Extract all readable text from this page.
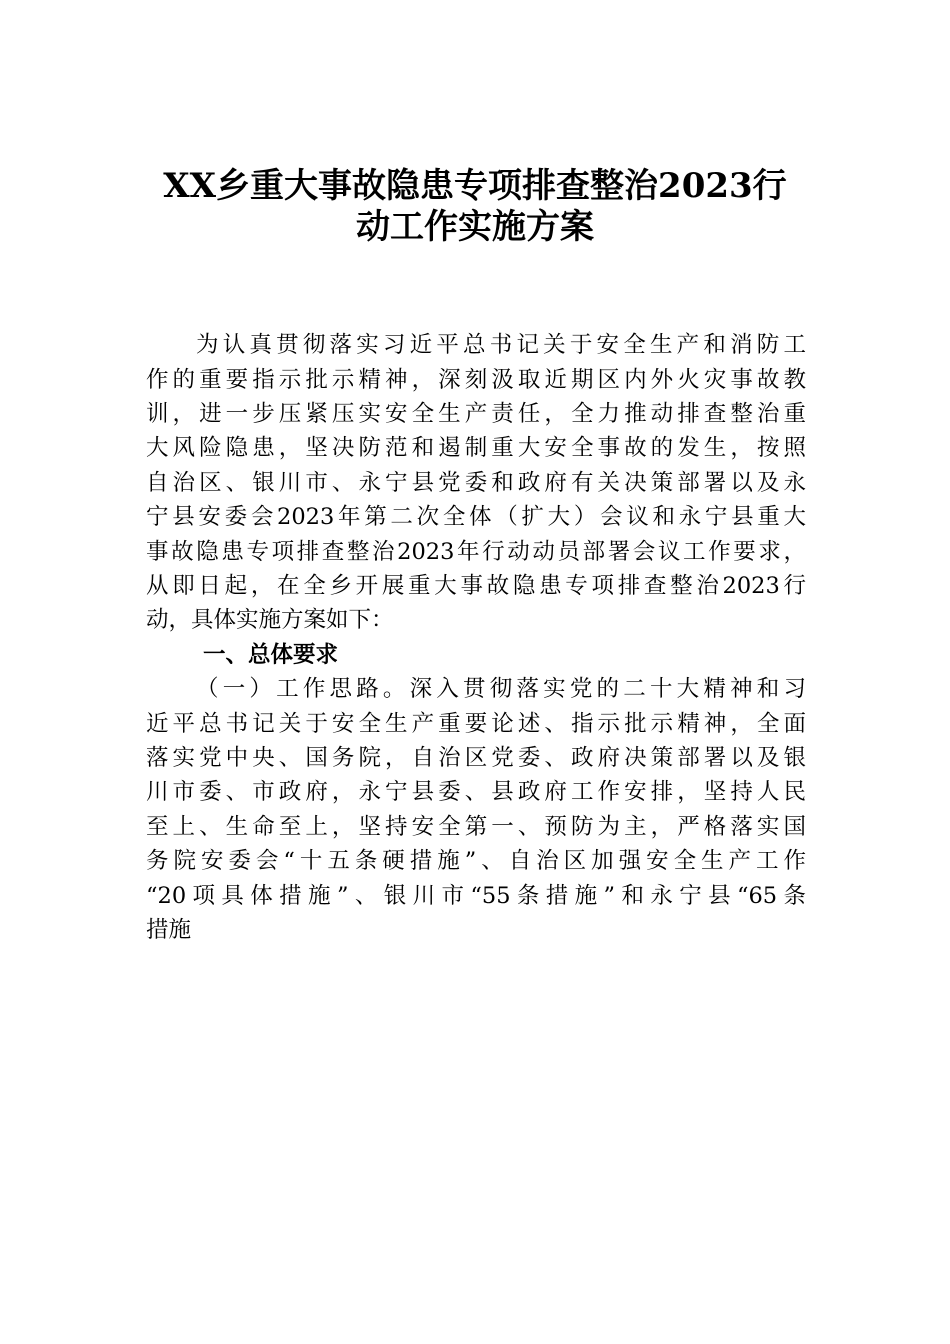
XX乡重大事故隐患专项排查整治2023行
动工作实施方案
为认真贯彻落实习近平总书记关于安全生产和消防工
作的重要指示批示精神，深刻汲取近期区内外火灾事故教
训，进一步压紧压实安全生产责任，全力推动排查整治重
大风险隐患，坚决防范和遏制重大安全事故的发生，按照
自治区、银川市、永宁县党委和政府有关决策部署以及永
宁县安委会2023年第二次全体（扩大）会议和永宁县重大
事故隐患专项排查整治2023年行动动员部署会议工作要求，
从即日起，在全乡开展重大事故隐患专项排查整治2023行
动，具体实施方案如下：
一、总体要求
（一）工作思路。深入贯彻落实党的二十大精神和习
近平总书记关于安全生产重要论述、指示批示精神，全面
落实党中央、国务院，自治区党委、政府决策部署以及银
川市委、市政府，永宁县委、县政府工作安排，坚持人民
至上、生命至上，坚持安全第一、预防为主，严格落实国
务院安委会“十五条硬措施”、自治区加强安全生产工作
“20项具体措施”、银川市“55条措施”和永宁县“65条
措施
